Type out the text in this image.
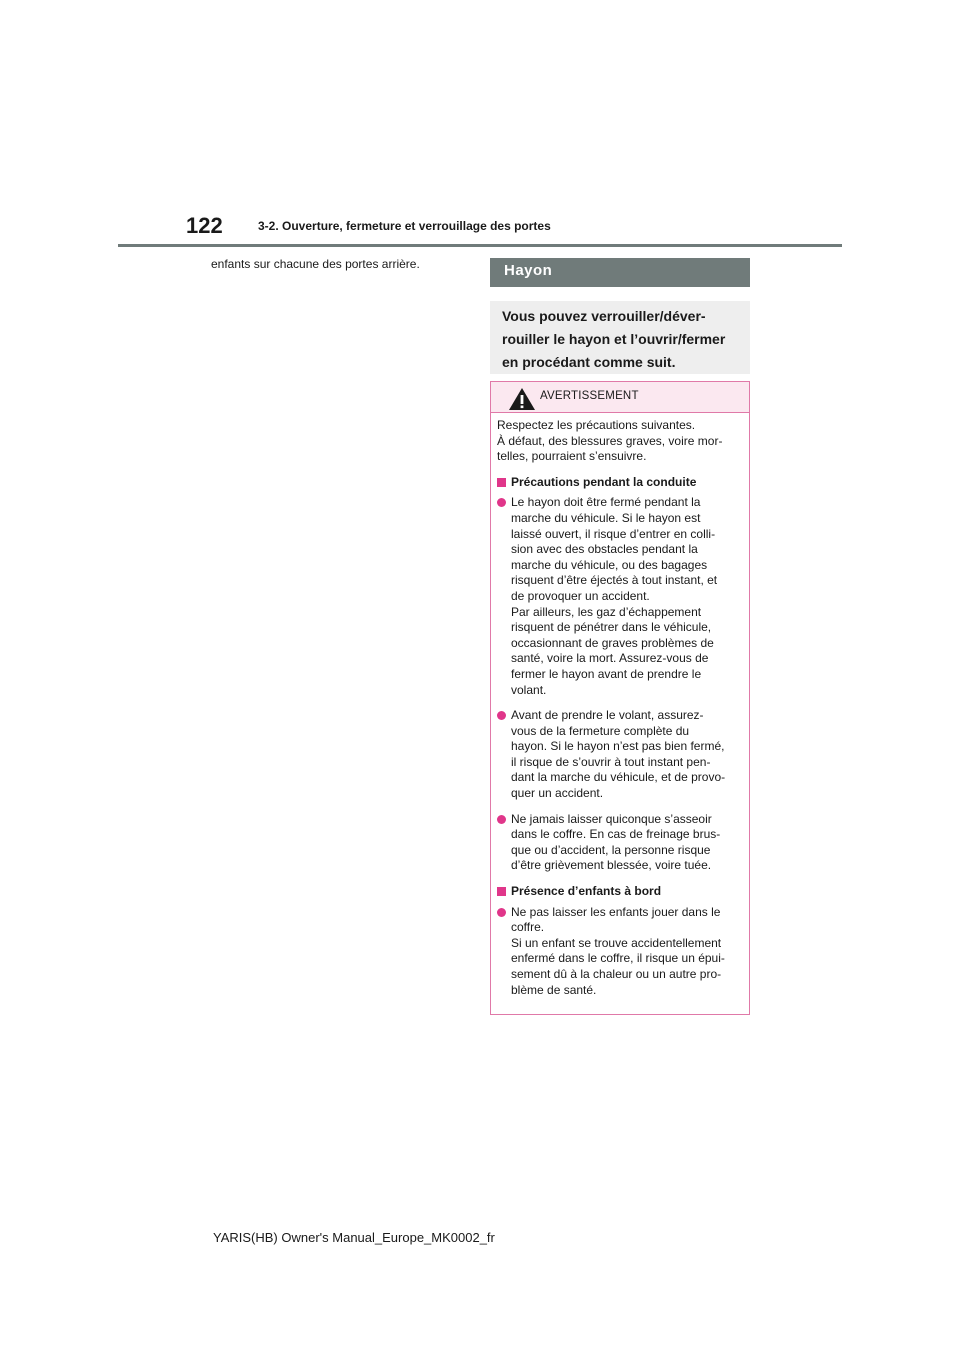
122	3-2. Ouverture, fermeture et verrouillage des portes
enfants sur chacune des portes arrière.	Hayon
Vous pouvez verrouiller/déver-
rouiller le hayon et l’ouvrir/fermer
en procédant comme suit.
AVERTISSEMENT

Respectez les précautions suivantes.
À défaut, des blessures graves, voire mor-
telles, pourraient s’ensuivre.

Précautions pendant la conduite
Le hayon doit être fermé pendant la
marche du véhicule. Si le hayon est
laissé ouvert, il risque d’entrer en colli-
sion avec des obstacles pendant la
marche du véhicule, ou des bagages
risquent d’être éjectés à tout instant, et
de provoquer un accident.
Par ailleurs, les gaz d’échappement
risquent de pénétrer dans le véhicule,
occasionnant de graves problèmes de
santé, voire la mort. Assurez-vous de
fermer le hayon avant de prendre le
volant.
Avant de prendre le volant, assurez-
vous de la fermeture complète du
hayon. Si le hayon n’est pas bien fermé,
il risque de s’ouvrir à tout instant pen-
dant la marche du véhicule, et de provo-
quer un accident.
Ne jamais laisser quiconque s’asseoir
dans le coffre. En cas de freinage brus-
que ou d’accident, la personne risque
d’être grièvement blessée, voire tuée.
Présence d’enfants à bord
Ne pas laisser les enfants jouer dans le
coffre.
Si un enfant se trouve accidentellement
enfermé dans le coffre, il risque un épui-
sement dû à la chaleur ou un autre pro-
blème de santé.
YARIS(HB) Owner's Manual_Europe_MK0002_fr
